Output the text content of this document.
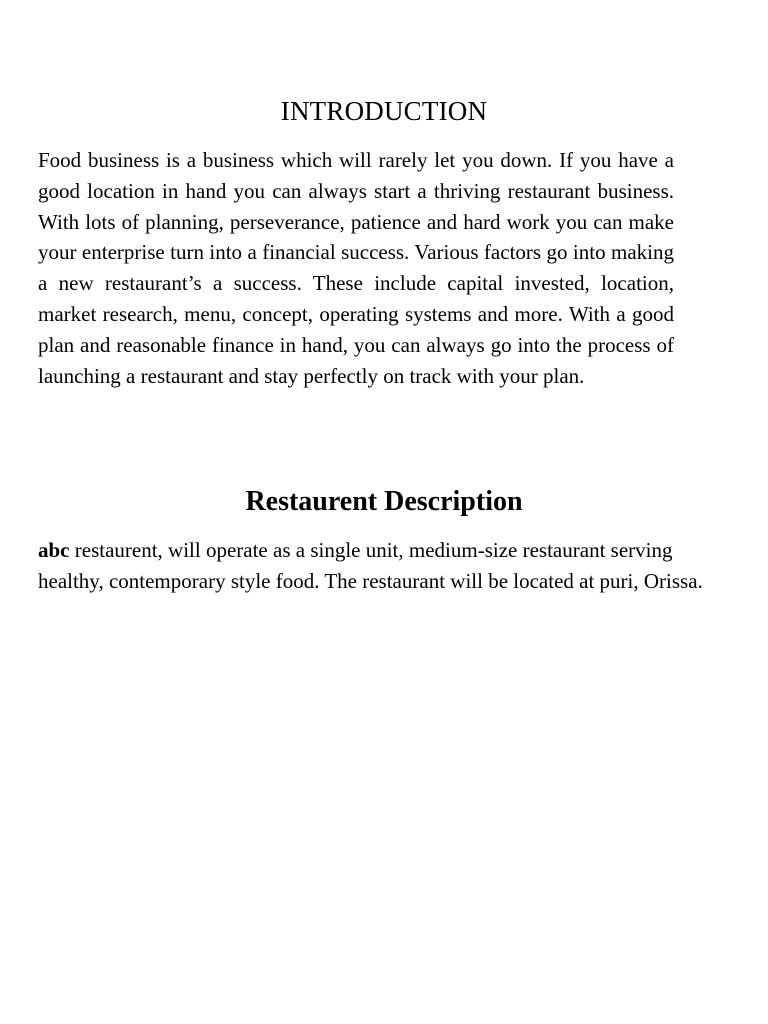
INTRODUCTION

Food business is a business which will rarely let you down. If you have a good location in hand you can always start a thriving restaurant business. With lots of planning, perseverance, patience and hard work you can make your enterprise turn into a financial success. Various factors go into making a new restaurant’s a success. These include capital invested, location, market research, menu, concept, operating systems and more. With a good plan and reasonable finance in hand, you can always go into the process of launching a restaurant and stay perfectly on track with your plan.

Restaurent Description

abc restaurent, will operate as a single unit, medium-size restaurant serving healthy, contemporary style food. The restaurant will be located at puri, Orissa.
